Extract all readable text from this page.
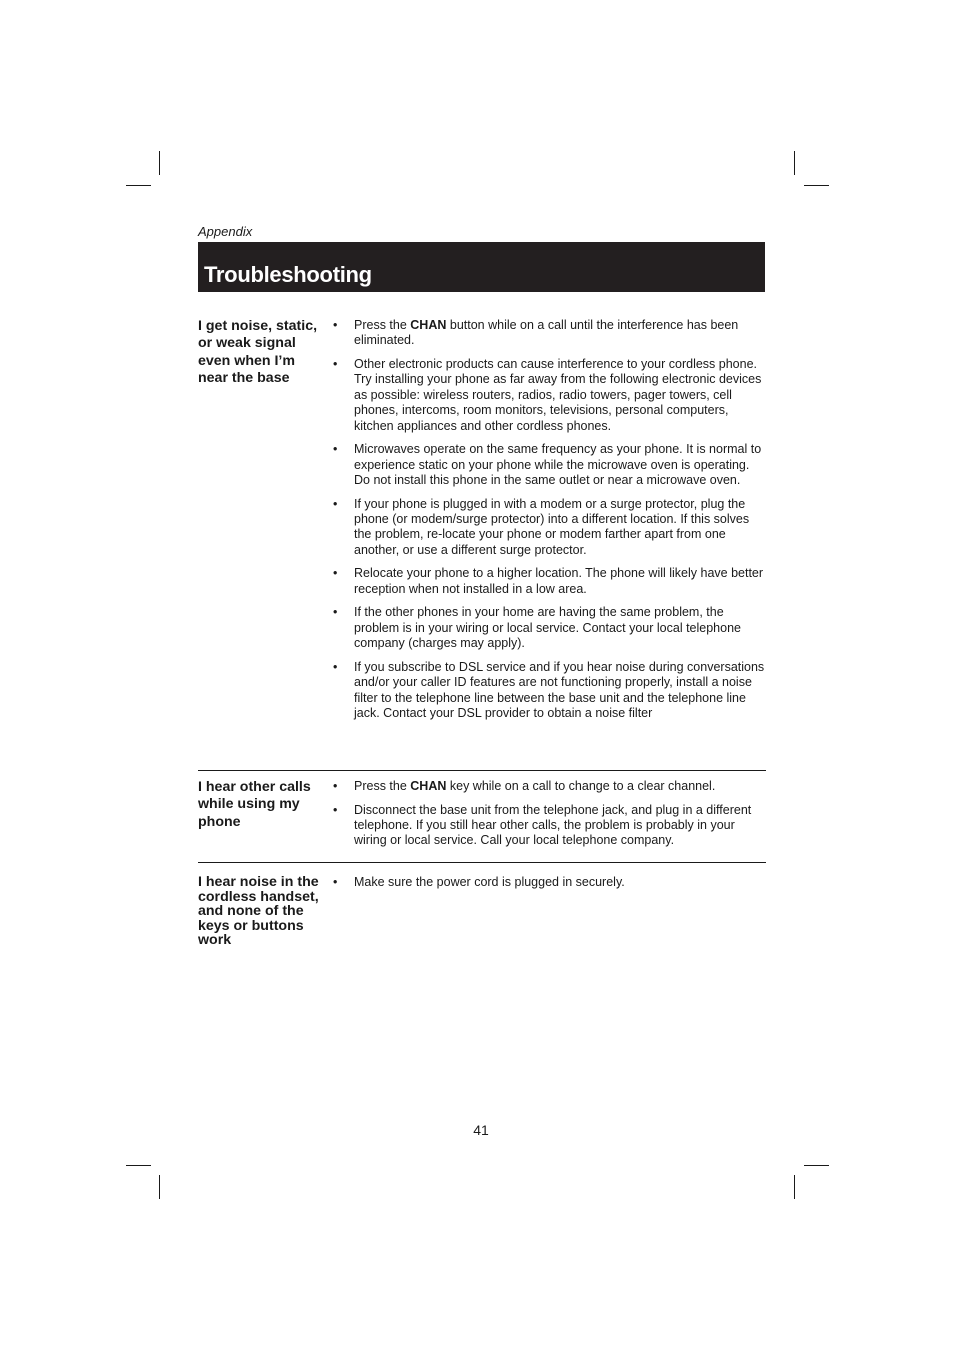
Appendix

Troubleshooting
I get noise, static, or weak signal even when I’m near the base
• Press the CHAN button while on a call until the interference has been eliminated.
• Other electronic products can cause interference to your cordless phone. Try installing your phone as far away from the following electronic devices as possible: wireless routers, radios, radio towers, pager towers, cell phones, intercoms, room monitors, televisions, personal computers, kitchen appliances and other cordless phones.
• Microwaves operate on the same frequency as your phone. It is normal to experience static on your phone while the microwave oven is operating. Do not install this phone in the same outlet or near a microwave oven.
• If your phone is plugged in with a modem or a surge protector, plug the phone (or modem/surge protector) into a different location. If this solves the problem, re-locate your phone or modem farther apart from one another, or use a different surge protector.
• Relocate your phone to a higher location. The phone will likely have better reception when not installed in a low area.
• If the other phones in your home are having the same problem, the problem is in your wiring or local service. Contact your local telephone company (charges may apply).
• If you subscribe to DSL service and if you hear noise during conversations and/or your caller ID features are not functioning properly, install a noise filter to the telephone line between the base unit and the telephone line jack. Contact your DSL provider to obtain a noise filter
I hear other calls while using my phone
• Press the CHAN key while on a call to change to a clear channel.
• Disconnect the base unit from the telephone jack, and plug in a different telephone. If you still hear other calls, the problem is probably in your wiring or local service. Call your local telephone company.
I hear noise in the cordless handset, and none of the keys or buttons work
• Make sure the power cord is plugged in securely.

41
